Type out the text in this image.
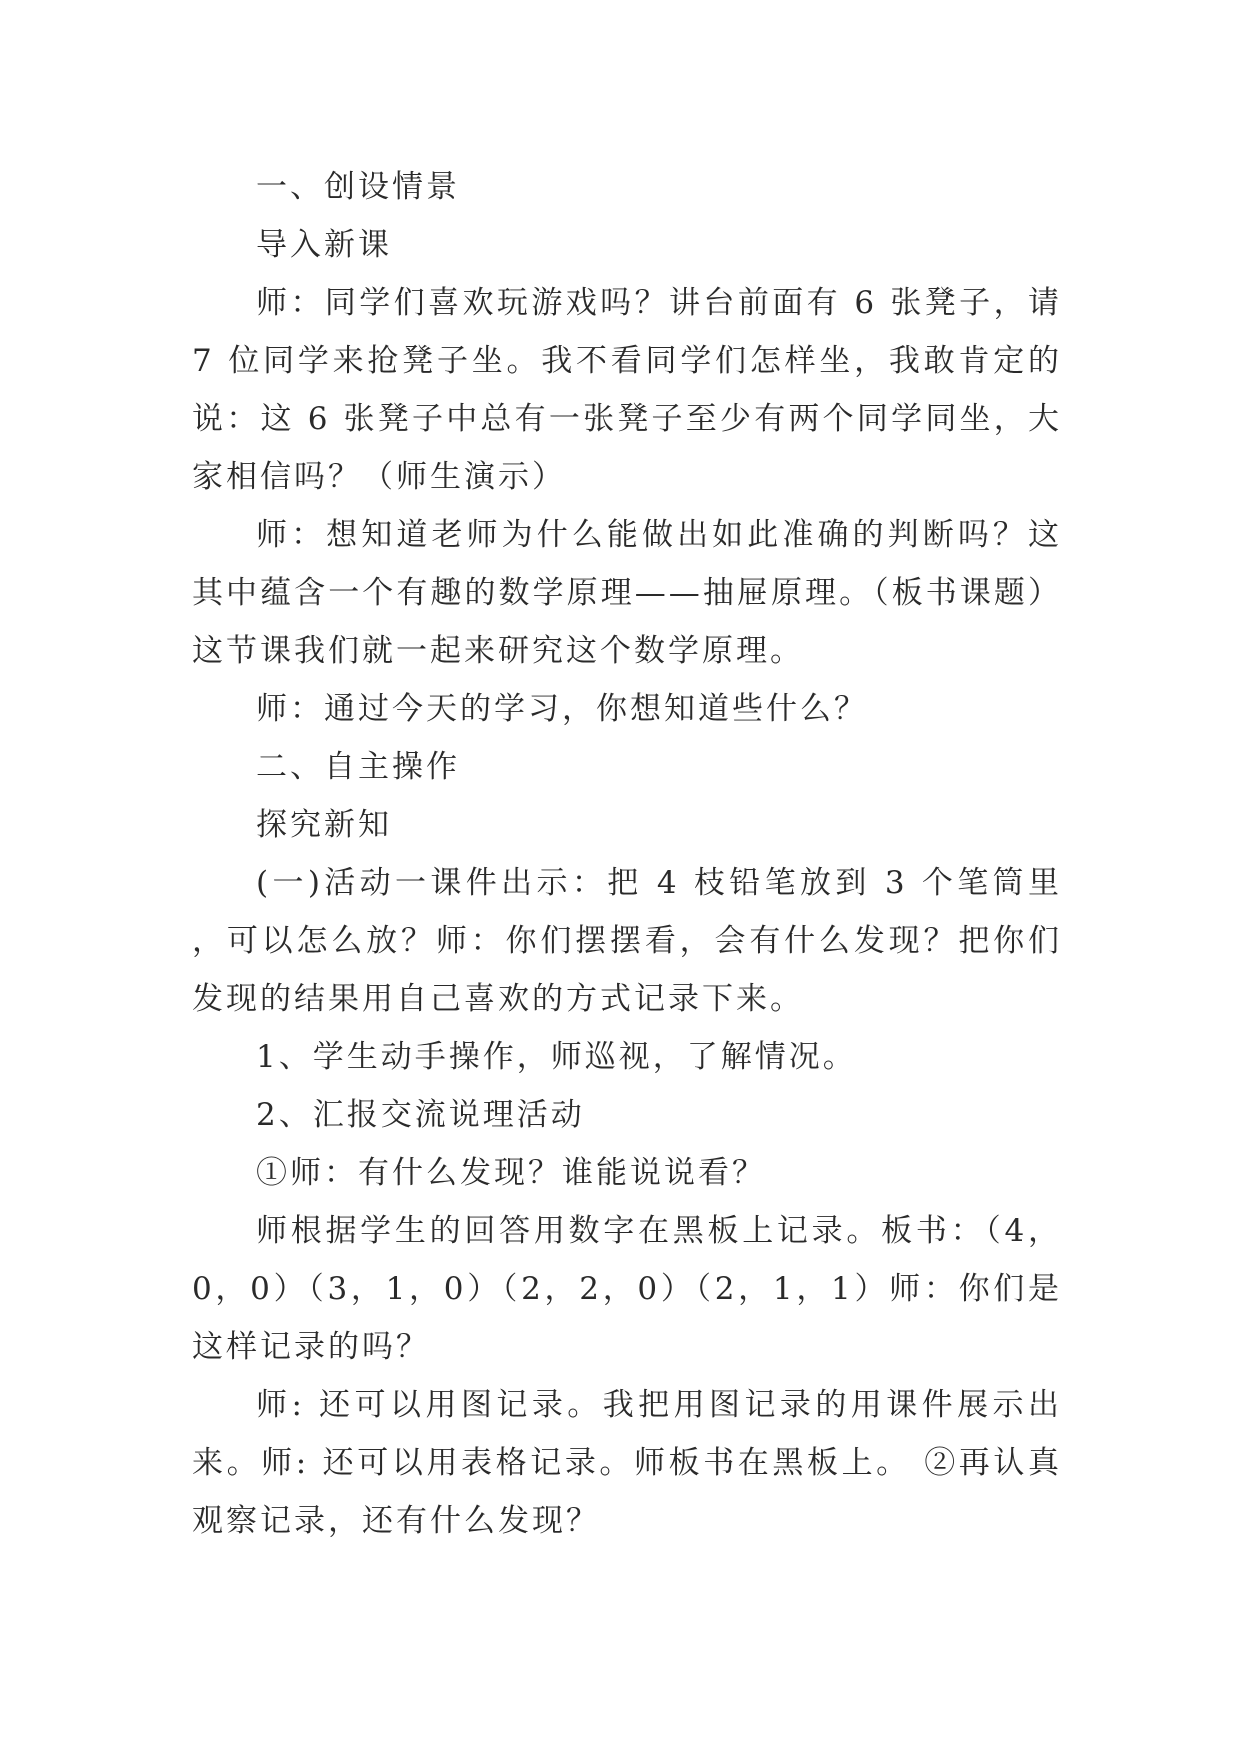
一、创设情景

导入新课

师：同学们喜欢玩游戏吗？讲台前面有 6 张凳子，请 7 位同学来抢凳子坐。我不看同学们怎样坐，我敢肯定的说：这 6 张凳子中总有一张凳子至少有两个同学同坐，大家相信吗？（师生演示）

师：想知道老师为什么能做出如此准确的判断吗？这其中蕴含一个有趣的数学原理——抽屉原理。（板书课题）这节课我们就一起来研究这个数学原理。

师：通过今天的学习，你想知道些什么？

二、自主操作

探究新知

(一)活动一课件出示：把 4 枝铅笔放到 3 个笔筒里，可以怎么放？师：你们摆摆看，会有什么发现？把你们发现的结果用自己喜欢的方式记录下来。

1、学生动手操作，师巡视，了解情况。

2、汇报交流说理活动

①师：有什么发现？谁能说说看？

师根据学生的回答用数字在黑板上记录。板书：（4，0，0）（3，1，0）（2，2，0）（2，1，1）师：你们是这样记录的吗？

师: 还可以用图记录。我把用图记录的用课件展示出来。师: 还可以用表格记录。师板书在黑板上。 ②再认真观察记录，还有什么发现？
